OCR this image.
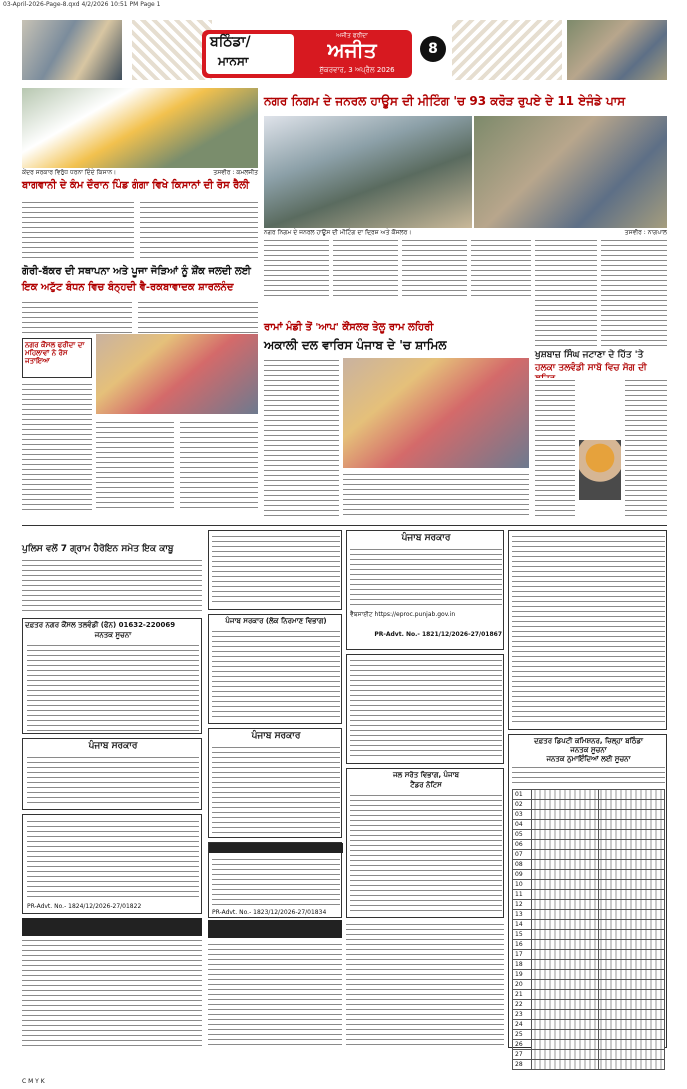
03-April-2026-Page-8.qxd 4/2/2026 10:51 PM Page 1
ਬਠਿੰਡਾ/
ਮਾਨਸਾ
ਅਜੀਤ ਫਰੀਦਾ
ਅਜੀਤ
ਸ਼ੁੱਕਰਵਾਰ, 3 ਅਪ੍ਰੈਲ 2026
8
ਕੇਂਦਰ ਸਰਕਾਰ ਵਿਰੁੱਧ ਧਰਨਾ ਦਿੰਦੇ ਕਿਸਾਨ।	ਤਸਵੀਰ : ਕਮਲਜੀਤ
ਬਾਗਵਾਨੀ ਦੇ ਕੰਮ ਦੌਰਾਨ ਪਿੰਡ ਗੰਗਾ ਵਿਖੇ ਕਿਸਾਨਾਂ ਦੀ ਰੋਸ ਰੈਲੀ
ਗੋਰੀ-ਬੱਕਰ ਦੀ ਸਥਾਪਨਾ ਅਤੇ ਪੂਜਾ ਜੋੜਿਆਂ ਨੂੰ ਸ਼ੌਂਕ ਜਲਦੀ ਲਈ
ਇਕ ਅਟੁੱਟ ਬੰਧਨ ਵਿਚ ਬੰਨ੍ਹਦੀ ਵੈ-ਰਕਬਾਵਾਦਕ ਸ਼ਾਰਲਨੰਦ
ਨਗਰ ਕੌਂਸਲ ਫਰੀਦਾ ਦਾ ਮਹਿਲਾਵਾਂ ਨੇ ਰੋਸ ਜਤਾਇਆ
ਨਗਰ ਨਿਗਮ ਦੇ ਜਨਰਲ ਹਾਊਸ ਦੀ ਮੀਟਿੰਗ 'ਚ 93 ਕਰੋੜ ਰੁਪਏ ਦੇ 11 ਏਜੰਡੇ ਪਾਸ
ਨਗਰ ਨਿਗਮ ਦੇ ਜਨਰਲ ਹਾਊਸ ਦੀ ਮੀਟਿੰਗ ਦਾ ਦ੍ਰਿਸ਼ ਅਤੇ ਕੌਂਸਲਰ।	ਤਸਵੀਰ : ਨਾਗਪਾਲ
ਰਾਮਾਂ ਮੰਡੀ ਤੋਂ 'ਆਪ' ਕੌਂਸਲਰ ਤੇਲੂ ਰਾਮ ਲਹਿਰੀ
ਅਕਾਲੀ ਦਲ ਵਾਰਿਸ ਪੰਜਾਬ ਦੇ 'ਚ ਸ਼ਾਮਿਲ
ਖੁਸ਼ਬਾਜ਼ ਸਿੰਘ ਜਟਾਣਾ ਦੇ ਹਿੱਤ 'ਤੇ
ਹਲਕਾ ਤਲਵੰਡੀ ਸਾਬੋ ਵਿਚ ਸੋਗ ਦੀ
ਪੁਲਿਸ ਵਲੋਂ 7 ਗ੍ਰਾਮ ਹੈਰੋਇਨ ਸਮੇਤ ਇਕ ਕਾਬੂ
ਦਫ਼ਤਰ ਨਗਰ ਕੌਂਸਲ ਤਲਵੰਡੀ (ਫੋਨ) 01632-220069
ਜਨਤਕ ਸੂਚਨਾ
ਪੰਜਾਬ ਸਰਕਾਰ
PR-Advt. No.- 1824/12/2026-27/01822
ਪੰਜਾਬ ਸਰਕਾਰ (ਲੋਕ ਨਿਰਮਾਣ ਵਿਭਾਗ)
ਪੰਜਾਬ ਸਰਕਾਰ
PR-Advt. No.- 1823/12/2026-27/01834
ਪੰਜਾਬ ਸਰਕਾਰ
ਵੈੱਬਸਾਈਟ https://eproc.punjab.gov.in
PR-Advt. No.- 1821/12/2026-27/01867
ਜਲ ਸਰੋਤ ਵਿਭਾਗ, ਪੰਜਾਬ
ਟੈਂਡਰ ਨੋਟਿਸ
ਦਫ਼ਤਰ ਡਿਪਟੀ ਕਮਿਸ਼ਨਰ, ਜ਼ਿਲ੍ਹਾ ਬਠਿੰਡਾ
ਜਨਤਕ ਸੂਚਨਾ
ਜਨਤਕ ਨੁਮਾਇੰਦਿਆਂ ਲਈ ਸੂਚਨਾ
01		
02		
03		
04		
05		
06		
07		
08		
09		
10		
11		
12		
13		
14		
15		
16		
17		
18		
19		
20		
21		
22		
23		
24		
25		
26		
27		
28		
C M Y K
